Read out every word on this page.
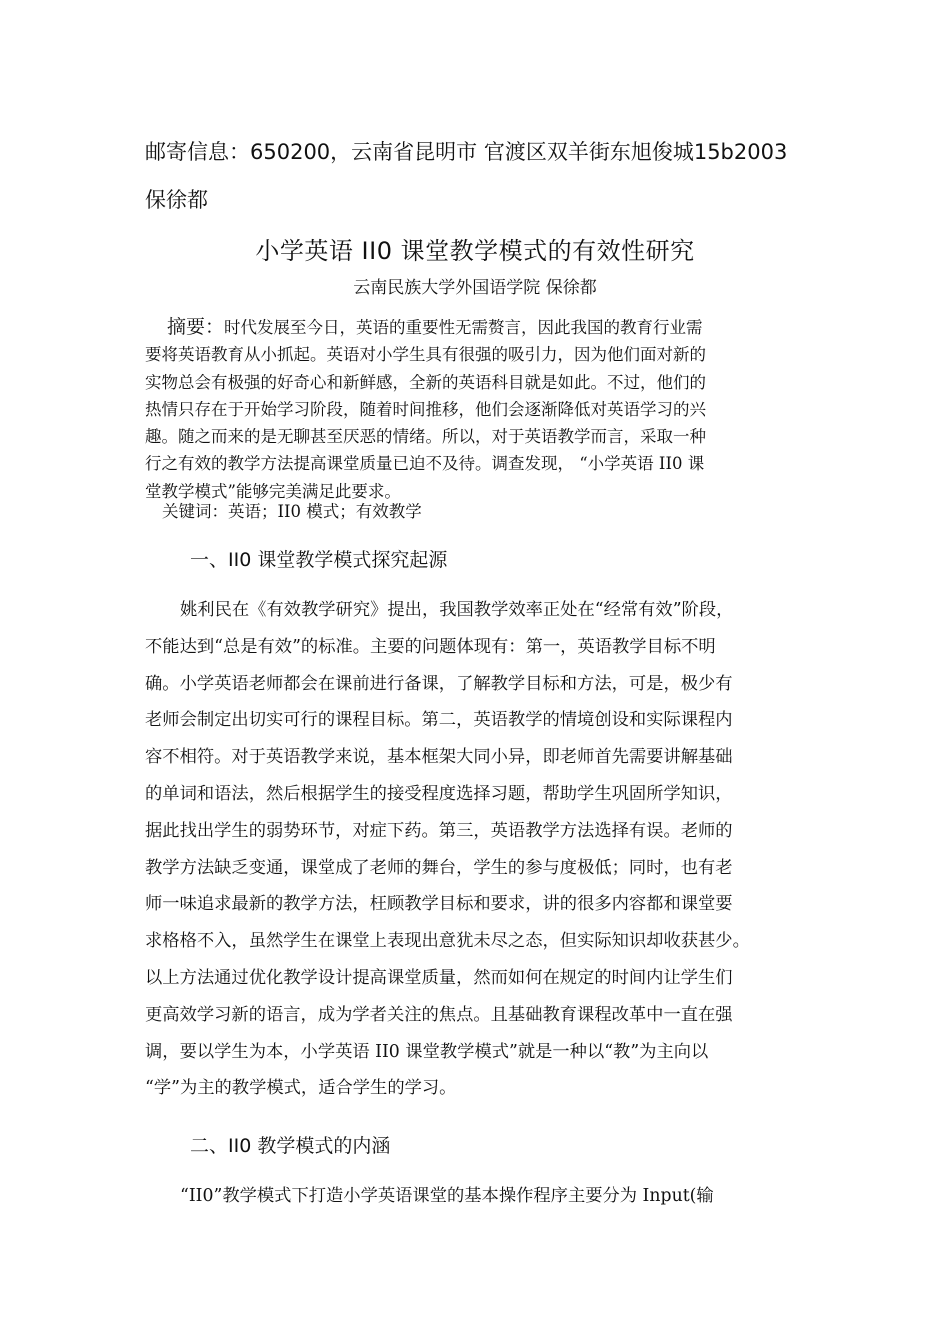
邮寄信息：650200，云南省昆明市 官渡区双羊街东旭俊城15b2003
保徐都
小学英语 II0 课堂教学模式的有效性研究
云南民族大学外国语学院 保徐都
摘要：时代发展至今日，英语的重要性无需赘言，因此我国的教育行业需
要将英语教育从小抓起。英语对小学生具有很强的吸引力，因为他们面对新的
实物总会有极强的好奇心和新鲜感，全新的英语科目就是如此。不过，他们的
热情只存在于开始学习阶段，随着时间推移，他们会逐渐降低对英语学习的兴
趣。随之而来的是无聊甚至厌恶的情绪。所以，对于英语教学而言，采取一种
行之有效的教学方法提高课堂质量已迫不及待。调查发现， “小学英语 II0 课
堂教学模式”能够完美满足此要求。
关键词：英语；II0 模式；有效教学
一、II0 课堂教学模式探究起源
姚利民在《有效教学研究》提出，我国教学效率正处在“经常有效”阶段，
不能达到“总是有效”的标准。主要的问题体现有：第一，英语教学目标不明
确。小学英语老师都会在课前进行备课，了解教学目标和方法，可是，极少有
老师会制定出切实可行的课程目标。第二，英语教学的情境创设和实际课程内
容不相符。对于英语教学来说，基本框架大同小异，即老师首先需要讲解基础
的单词和语法，然后根据学生的接受程度选择习题，帮助学生巩固所学知识，
据此找出学生的弱势环节，对症下药。第三，英语教学方法选择有误。老师的
教学方法缺乏变通，课堂成了老师的舞台，学生的参与度极低；同时，也有老
师一味追求最新的教学方法，枉顾教学目标和要求，讲的很多内容都和课堂要
求格格不入，虽然学生在课堂上表现出意犹未尽之态，但实际知识却收获甚少。
以上方法通过优化教学设计提高课堂质量，然而如何在规定的时间内让学生们
更高效学习新的语言，成为学者关注的焦点。且基础教育课程改革中一直在强
调，要以学生为本，小学英语 II0 课堂教学模式”就是一种以“教”为主向以
“学”为主的教学模式，适合学生的学习。
二、II0 教学模式的内涵
“II0”教学模式下打造小学英语课堂的基本操作程序主要分为 Input(输
